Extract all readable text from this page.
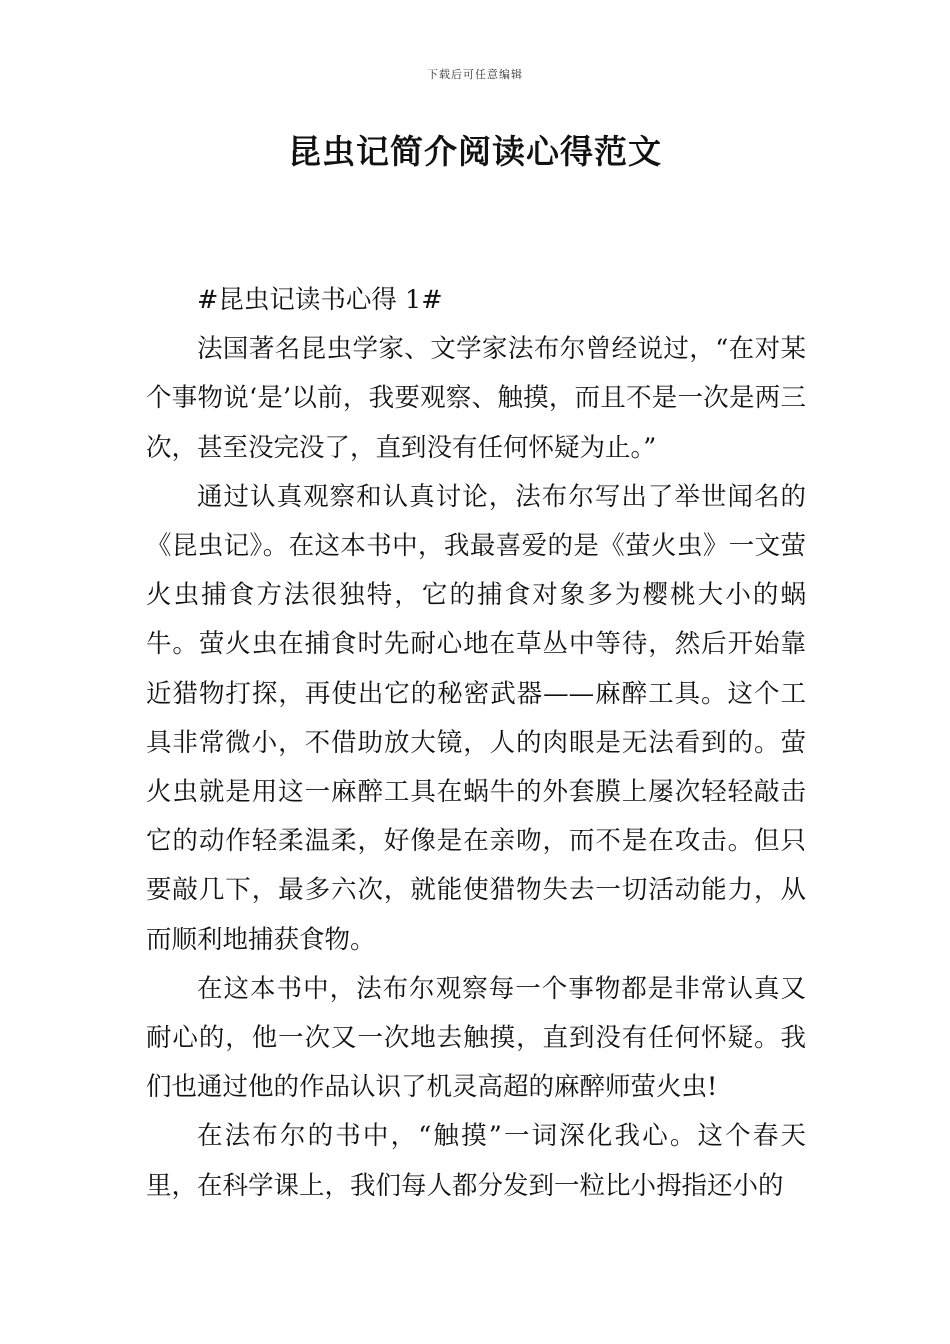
下载后可任意编辑
昆虫记简介阅读心得范文

#昆虫记读书心得 1#

法国著名昆虫学家、文学家法布尔曾经说过，“在对某个事物说‘是’以前，我要观察、触摸，而且不是一次是两三次，甚至没完没了，直到没有任何怀疑为止。”

通过认真观察和认真讨论，法布尔写出了举世闻名的《昆虫记》。在这本书中，我最喜爱的是《萤火虫》一文萤火虫捕食方法很独特，它的捕食对象多为樱桃大小的蜗牛。萤火虫在捕食时先耐心地在草丛中等待，然后开始靠近猎物打探，再使出它的秘密武器——麻醉工具。这个工具非常微小，不借助放大镜，人的肉眼是无法看到的。萤火虫就是用这一麻醉工具在蜗牛的外套膜上屡次轻轻敲击它的动作轻柔温柔，好像是在亲吻，而不是在攻击。但只要敲几下，最多六次，就能使猎物失去一切活动能力，从而顺利地捕获食物。

在这本书中，法布尔观察每一个事物都是非常认真又耐心的，他一次又一次地去触摸，直到没有任何怀疑。我们也通过他的作品认识了机灵高超的麻醉师萤火虫!

在法布尔的书中，“触摸”一词深化我心。这个春天里，在科学课上，我们每人都分发到一粒比小拇指还小的
